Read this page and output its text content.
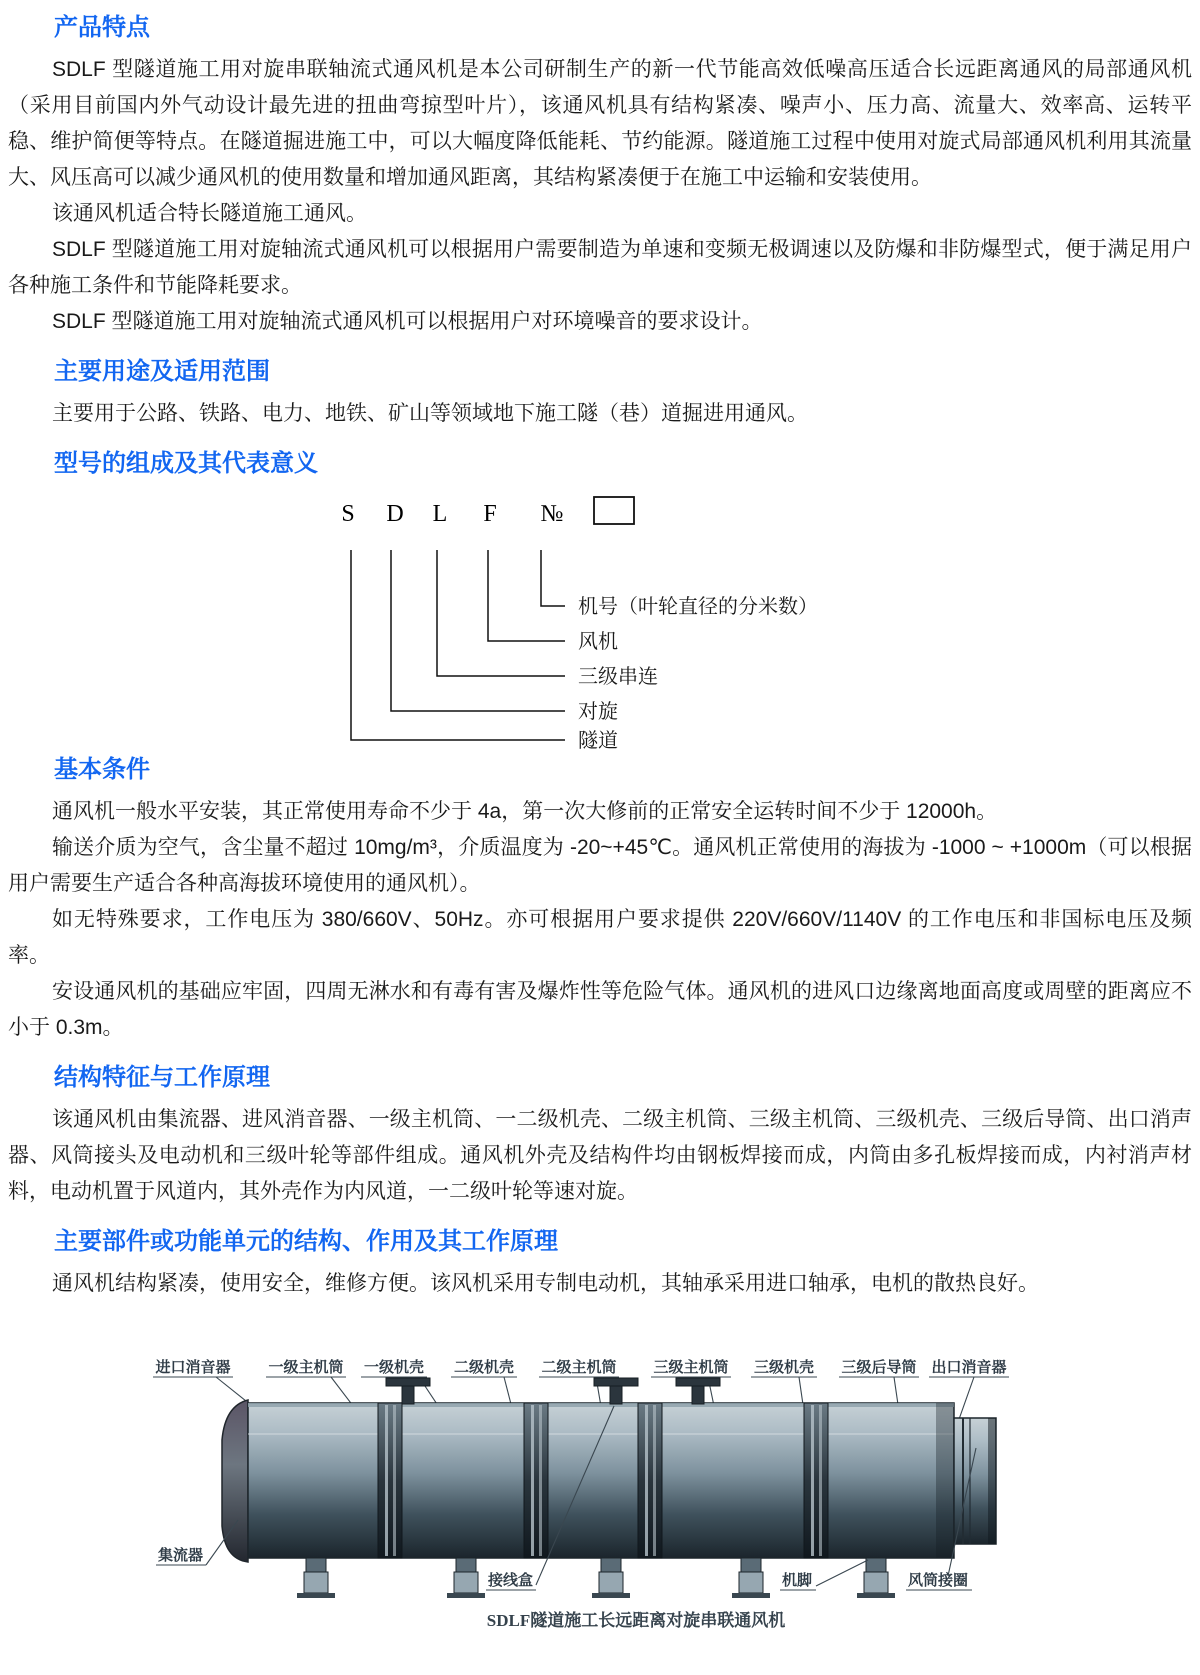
产品特点

SDLF 型隧道施工用对旋串联轴流式通风机是本公司研制生产的新一代节能高效低噪高压适合长远距离通风的局部通风机（采用目前国内外气动设计最先进的扭曲弯掠型叶片），该通风机具有结构紧凑、噪声小、压力高、流量大、效率高、运转平稳、维护简便等特点。在隧道掘进施工中，可以大幅度降低能耗、节约能源。隧道施工过程中使用对旋式局部通风机利用其流量大、风压高可以减少通风机的使用数量和增加通风距离，其结构紧凑便于在施工中运输和安装使用。

该通风机适合特长隧道施工通风。

SDLF 型隧道施工用对旋轴流式通风机可以根据用户需要制造为单速和变频无极调速以及防爆和非防爆型式，便于满足用户各种施工条件和节能降耗要求。

SDLF 型隧道施工用对旋轴流式通风机可以根据用户对环境噪音的要求设计。

主要用途及适用范围

主要用于公路、铁路、电力、地铁、矿山等领域地下施工隧（巷）道掘进用通风。

型号的组成及其代表意义
S D L F №
机号（叶轮直径的分米数）
风机
三级串连
对旋
隧道
基本条件

通风机一般水平安装，其正常使用寿命不少于 4a，第一次大修前的正常安全运转时间不少于 12000h。

输送介质为空气，含尘量不超过 10mg/m³，介质温度为 -20~+45℃。通风机正常使用的海拔为 -1000 ~ +1000m（可以根据用户需要生产适合各种高海拔环境使用的通风机）。

如无特殊要求，工作电压为 380/660V、50Hz。亦可根据用户要求提供 220V/660V/1140V 的工作电压和非国标电压及频率。

安设通风机的基础应牢固，四周无淋水和有毒有害及爆炸性等危险气体。通风机的进风口边缘离地面高度或周壁的距离应不小于 0.3m。

结构特征与工作原理

该通风机由集流器、进风消音器、一级主机筒、一二级机壳、二级主机筒、三级主机筒、三级机壳、三级后导筒、出口消声器、风筒接头及电动机和三级叶轮等部件组成。通风机外壳及结构件均由钢板焊接而成，内筒由多孔板焊接而成，内衬消声材料，电动机置于风道内，其外壳作为内风道，一二级叶轮等速对旋。

主要部件或功能单元的结构、作用及其工作原理

通风机结构紧凑，使用安全，维修方便。该风机采用专制电动机，其轴承采用进口轴承，电机的散热良好。

进口消音器	一级主机筒 一级机壳 二级机壳 二级主机筒 三级主机筒 三级机壳 三级后导筒 出口消音器
集流器
接线盒	机脚	风筒接圈
SDLF隧道施工长远距离对旋串联通风机
